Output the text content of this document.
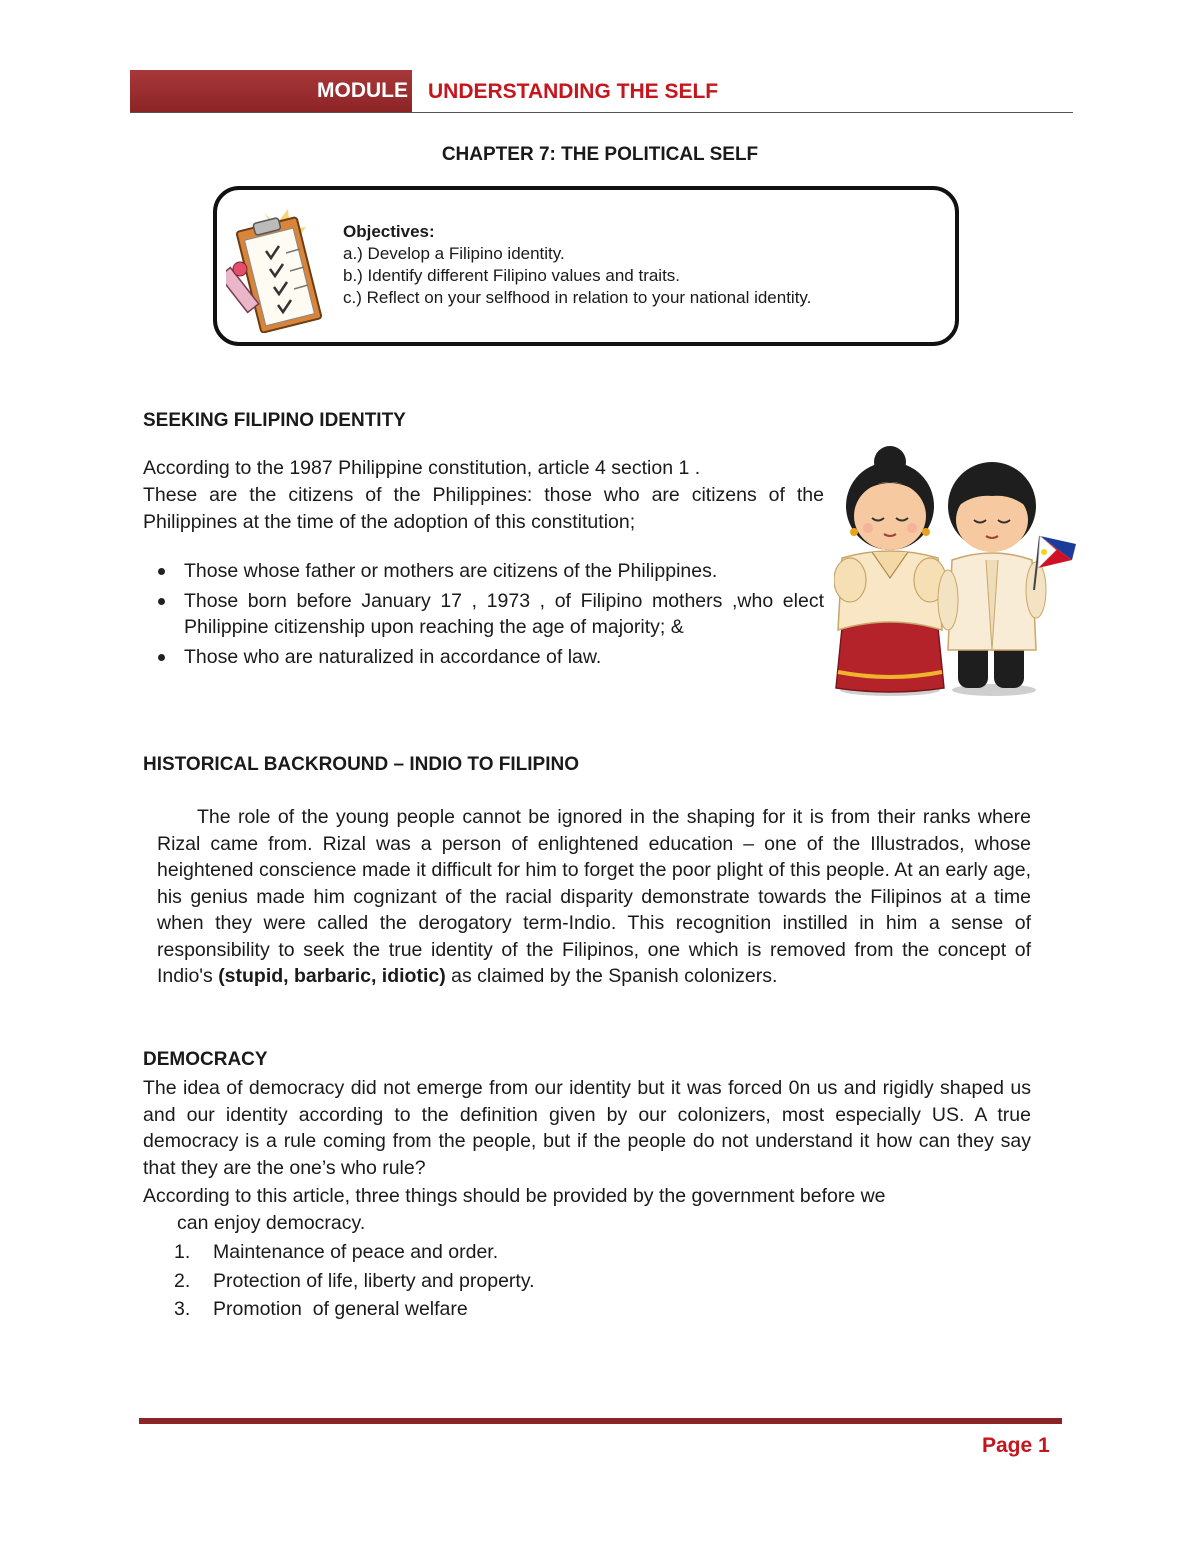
MODULE UNDERSTANDING THE SELF
CHAPTER 7: THE POLITICAL SELF
Objectives:
a.) Develop a Filipino identity.
b.) Identify different Filipino values and traits.
c.) Reflect on your selfhood in relation to your national identity.
SEEKING FILIPINO IDENTITY
According to the 1987 Philippine constitution, article 4 section 1 .
These are the citizens of the Philippines: those who are citizens of the Philippines at the time of the adoption of this constitution;
Those whose father or mothers are citizens of the Philippines.
Those born before January 17 , 1973 , of Filipino mothers ,who elect Philippine citizenship upon reaching the age of majority; &
Those who are naturalized in accordance of law.
HISTORICAL BACKROUND – INDIO TO FILIPINO
The role of the young people cannot be ignored in the shaping for it is from their ranks where Rizal came from. Rizal was a person of enlightened education – one of the Illustrados, whose heightened conscience made it difficult for him to forget the poor plight of this people. At an early age, his genius made him cognizant of the racial disparity demonstrate towards the Filipinos at a time when they were called the derogatory term-Indio. This recognition instilled in him a sense of responsibility to seek the true identity of the Filipinos, one which is removed from the concept of Indio's (stupid, barbaric, idiotic) as claimed by the Spanish colonizers.
DEMOCRACY
The idea of democracy did not emerge from our identity but it was forced 0n us and rigidly shaped us and our identity according to the definition given by our colonizers, most especially US. A true democracy is a rule coming from the people, but if the people do not understand it how can they say that they are the one’s who rule?
According to this article, three things should be provided by the government before we
can enjoy democracy.
1. Maintenance of peace and order.
2. Protection of life, liberty and property.
3. Promotion  of general welfare
Page 1
